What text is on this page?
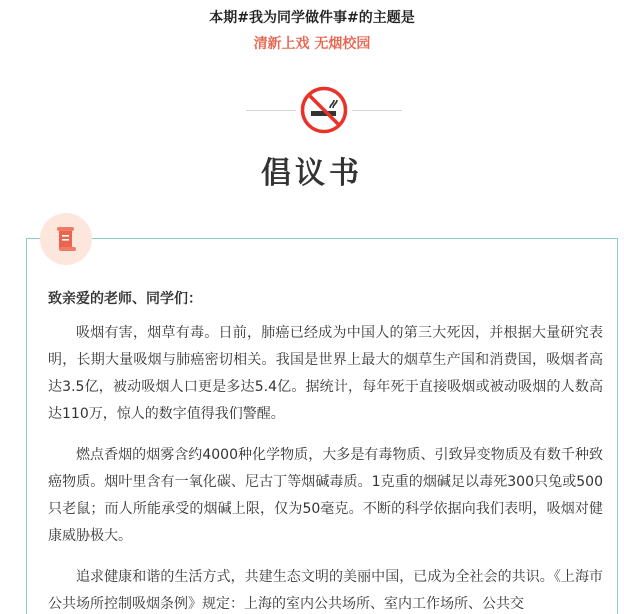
本期#我为同学做件事#的主题是
清新上戏 无烟校园
倡议书

致亲爱的老师、同学们：

吸烟有害，烟草有毒。日前，肺癌已经成为中国人的第三大死因，并根据大量研究表明，长期大量吸烟与肺癌密切相关。我国是世界上最大的烟草生产国和消费国，吸烟者高达3.5亿，被动吸烟人口更是多达5.4亿。据统计，每年死于直接吸烟或被动吸烟的人数高达110万，惊人的数字值得我们警醒。

燃点香烟的烟雾含约4000种化学物质，大多是有毒物质、引致异变物质及有数千种致癌物质。烟叶里含有一氧化碳、尼古丁等烟碱毒质。1克重的烟碱足以毒死300只兔或500只老鼠；而人所能承受的烟碱上限，仅为50毫克。不断的科学依据向我们表明，吸烟对健康威胁极大。

追求健康和谐的生活方式，共建生态文明的美丽中国，已成为全社会的共识。《上海市公共场所控制吸烟条例》规定：上海的室内公共场所、室内工作场所、公共交
